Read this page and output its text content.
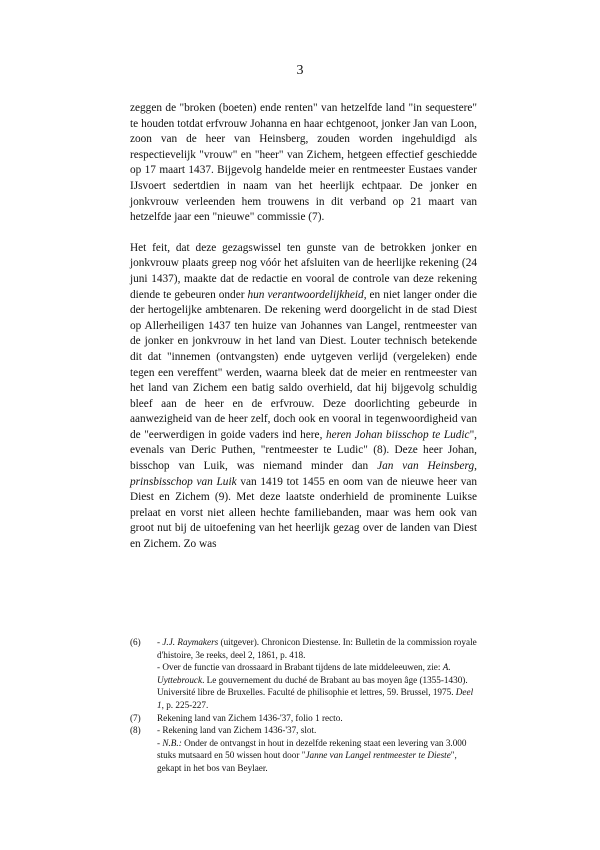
3

zeggen de "broken (boeten) ende renten" van hetzelfde land "in sequestere" te houden totdat erfvrouw Johanna en haar echtgenoot, jonker Jan van Loon, zoon van de heer van Heinsberg, zouden worden ingehuldigd als respectievelijk "vrouw" en "heer" van Zichem, hetgeen effectief geschiedde op 17 maart 1437. Bijgevolg handelde meier en rentmeester Eustaes vander IJsvoert sedertdien in naam van het heerlijk echtpaar. De jonker en jonkvrouw verleenden hem trouwens in dit verband op 21 maart van hetzelfde jaar een "nieuwe" commissie (7).

Het feit, dat deze gezagswissel ten gunste van de betrokken jonker en jonkvrouw plaats greep nog vóór het afsluiten van de heerlijke rekening (24 juni 1437), maakte dat de redactie en vooral de controle van deze rekening diende te gebeuren onder hun verantwoordelijkheid, en niet langer onder die der hertogelijke ambtenaren. De rekening werd doorgelicht in de stad Diest op Allerheiligen 1437 ten huize van Johannes van Langel, rentmeester van de jonker en jonkvrouw in het land van Diest. Louter technisch betekende dit dat "innemen (ontvangsten) ende uytgeven verlijd (vergeleken) ende tegen een vereffent" werden, waarna bleek dat de meier en rentmeester van het land van Zichem een batig saldo overhield, dat hij bijgevolg schuldig bleef aan de heer en de erfvrouw. Deze doorlichting gebeurde in aanwezigheid van de heer zelf, doch ook en vooral in tegenwoordigheid van de "eerwerdigen in goide vaders ind here, heren Johan biisschop te Ludic", evenals van Deric Puthen, "rentmeester te Ludic" (8). Deze heer Johan, bisschop van Luik, was niemand minder dan Jan van Heinsberg, prinsbisschop van Luik van 1419 tot 1455 en oom van de nieuwe heer van Diest en Zichem (9). Met deze laatste onderhield de prominente Luikse prelaat en vorst niet alleen hechte familiebanden, maar was hem ook van groot nut bij de uitoefening van het heerlijk gezag over de landen van Diest en Zichem. Zo was

(6)	- J.J. Raymakers (uitgever). Chronicon Diestense. In: Bulletin de la commission royale d'histoire, 3e reeks, deel 2, 1861, p. 418.

- Over de functie van drossaard in Brabant tijdens de late middeleeuwen, zie: A. Uyttebrouck. Le gouvernement du duché de Brabant au bas moyen âge (1355-1430). Université libre de Bruxelles. Faculté de philisophie et lettres, 59. Brussel, 1975. Deel 1, p. 225-227.

(7)	Rekening land van Zichem 1436-'37, folio 1 recto.

(8)	- Rekening land van Zichem 1436-'37, slot.

- N.B.: Onder de ontvangst in hout in dezelfde rekening staat een levering van 3.000 stuks mutsaard en 50 wissen hout door "Janne van Langel rentmeester te Dieste", gekapt in het bos van Beylaer.
